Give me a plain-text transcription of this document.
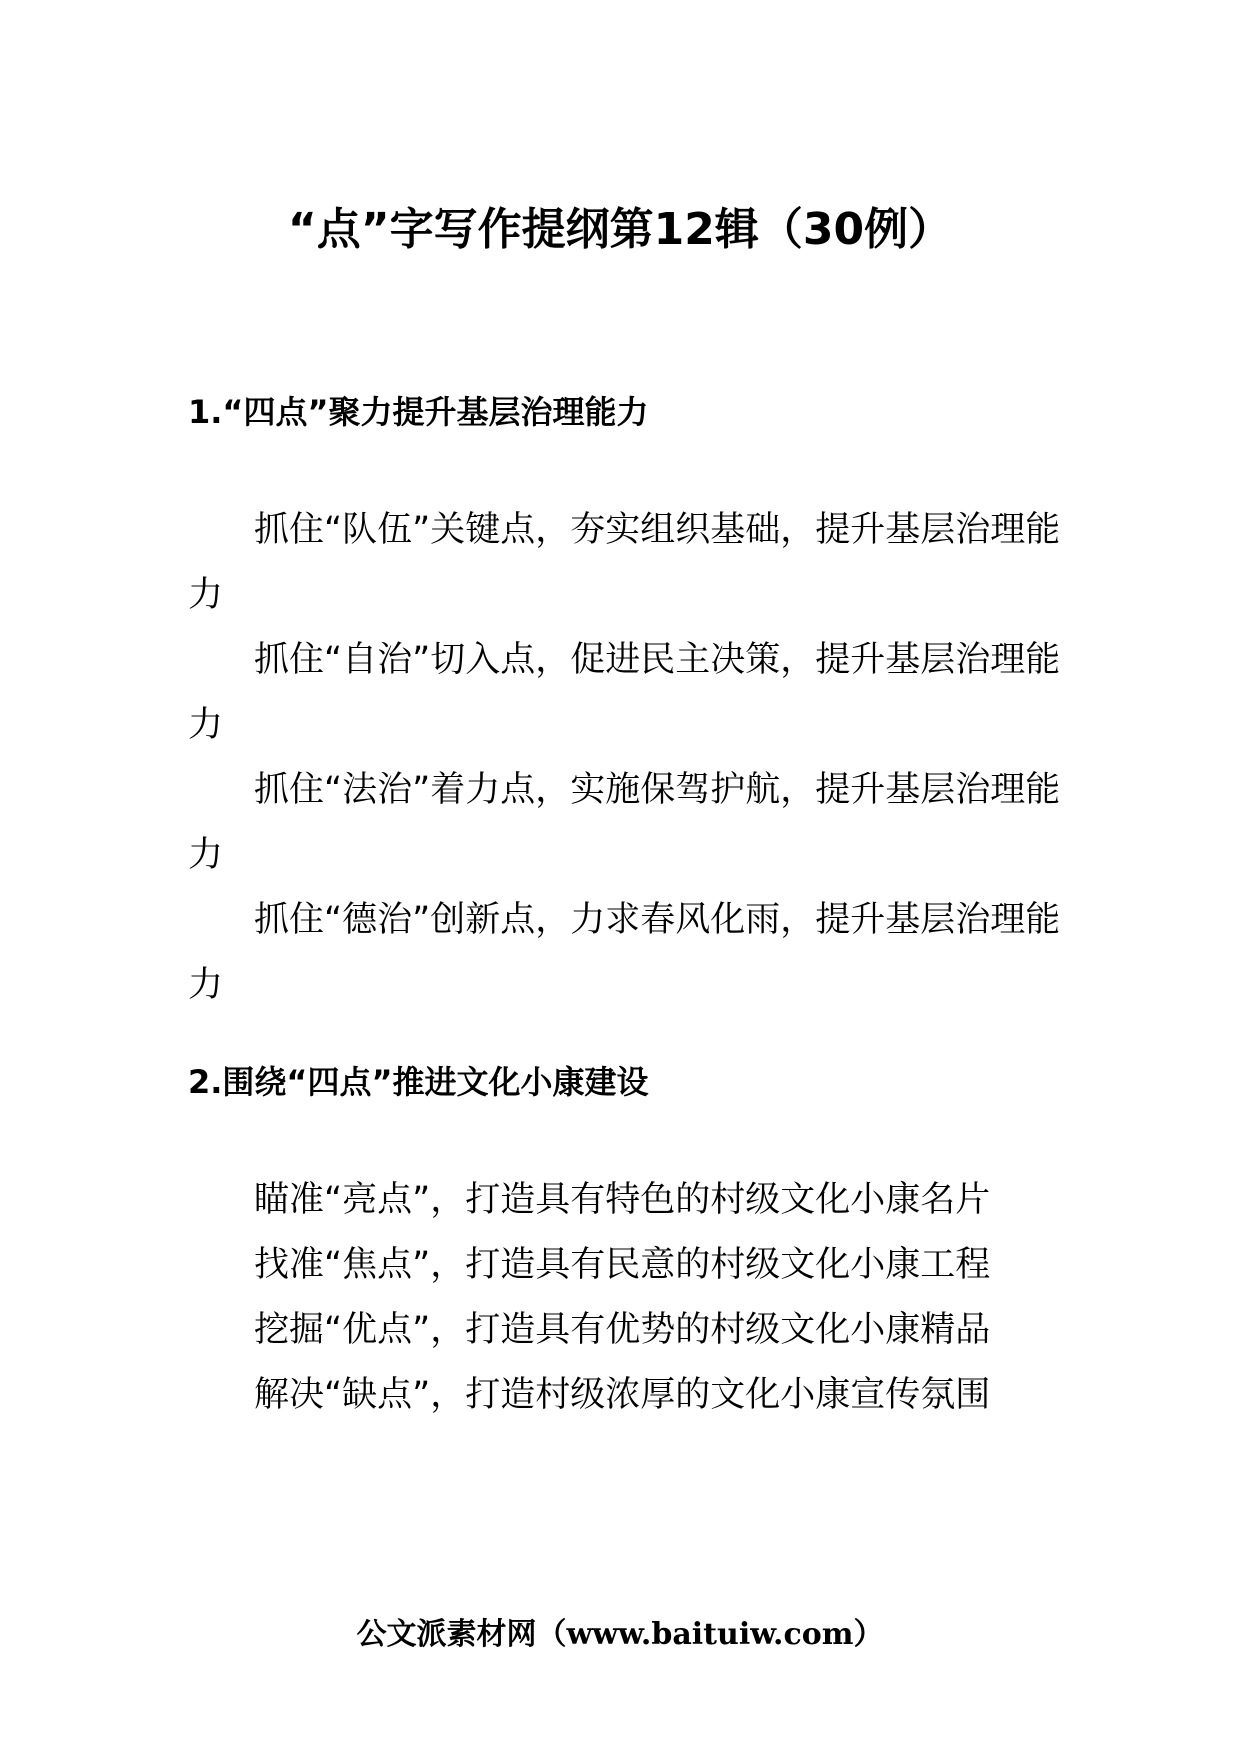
“点”字写作提纲第12辑（30例）
1.“四点”聚力提升基层治理能力

抓住“队伍”关键点，夯实组织基础，提升基层治理能力

抓住“自治”切入点，促进民主决策，提升基层治理能力

抓住“法治”着力点，实施保驾护航，提升基层治理能力

抓住“德治”创新点，力求春风化雨，提升基层治理能力

2.围绕“四点”推进文化小康建设

瞄准“亮点”，打造具有特色的村级文化小康名片

找准“焦点”，打造具有民意的村级文化小康工程

挖掘“优点”，打造具有优势的村级文化小康精品

解决“缺点”，打造村级浓厚的文化小康宣传氛围

公文派素材网（www.baituiw.com）
